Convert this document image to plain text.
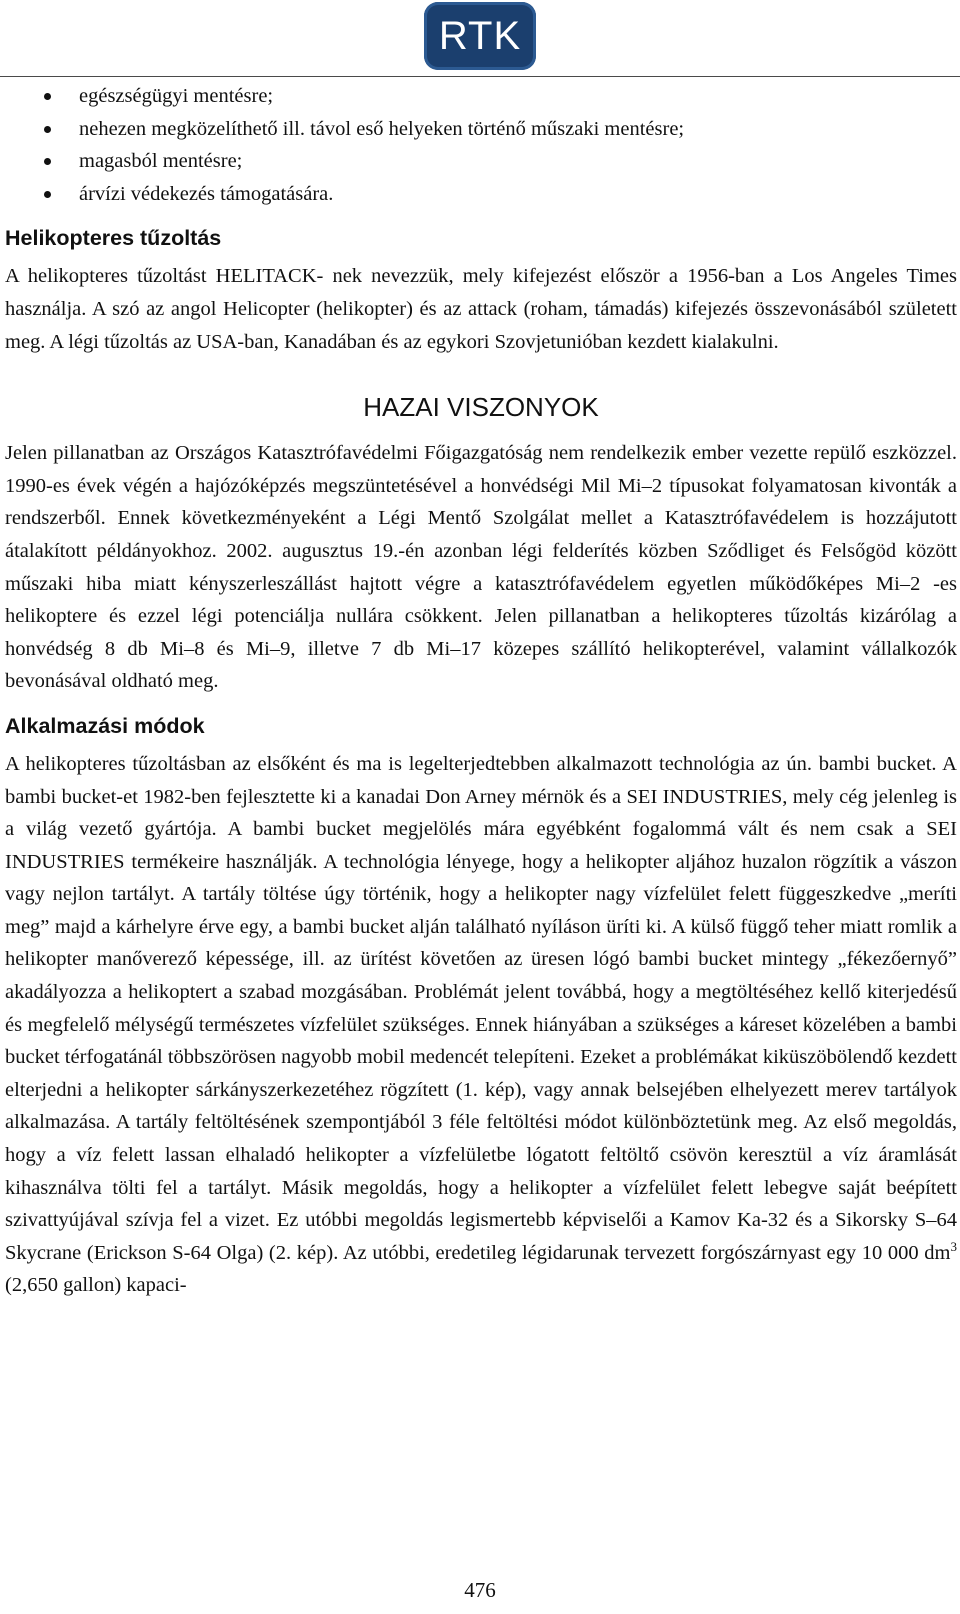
RTK
egészségügyi mentésre;
nehezen megközelíthető ill. távol eső helyeken történő műszaki mentésre;
magasból mentésre;
árvízi védekezés támogatására.
Helikopteres tűzoltás

A helikopteres tűzoltást HELITACK- nek nevezzük, mely kifejezést először a 1956-ban a Los Angeles Times használja. A szó az angol Helicopter (helikopter) és az attack (roham, támadás) kifejezés összevonásából született meg. A légi tűzoltás az USA-ban, Kanadában és az egykori Szovjetunióban kezdett kialakulni.

HAZAI VISZONYOK

Jelen pillanatban az Országos Katasztrófavédelmi Főigazgatóság nem rendelkezik ember vezette repülő eszközzel. 1990-es évek végén a hajózóképzés megszüntetésével a honvédségi Mil Mi–2 típusokat folyamatosan kivonták a rendszerből. Ennek következményeként a Légi Mentő Szolgálat mellet a Katasztrófavédelem is hozzájutott átalakított példányokhoz. 2002. augusztus 19.-én azonban légi felderítés közben Sződliget és Felsőgöd között műszaki hiba miatt kényszerleszállást hajtott végre a katasztrófavédelem egyetlen működőképes Mi–2 -es helikoptere és ezzel légi potenciálja nullára csökkent. Jelen pillanatban a helikopteres tűzoltás kizárólag a honvédség 8 db Mi–8 és Mi–9, illetve 7 db Mi–17 közepes szállító helikopterével, valamint vállalkozók bevonásával oldható meg.

Alkalmazási módok

A helikopteres tűzoltásban az elsőként és ma is legelterjedtebben alkalmazott technológia az ún. bambi bucket. A bambi bucket-et 1982-ben fejlesztette ki a kanadai Don Arney mérnök és a SEI INDUSTRIES, mely cég jelenleg is a világ vezető gyártója. A bambi bucket megjelölés mára egyébként fogalommá vált és nem csak a SEI INDUSTRIES termékeire használják. A technológia lényege, hogy a helikopter aljához huzalon rögzítik a vászon vagy nejlon tartályt. A tartály töltése úgy történik, hogy a helikopter nagy vízfelület felett függeszkedve „meríti meg” majd a kárhelyre érve egy, a bambi bucket alján található nyíláson üríti ki. A külső függő teher miatt romlik a helikopter manőverező képessége, ill. az ürítést követően az üresen lógó bambi bucket mintegy „fékezőernyő” akadályozza a helikoptert a szabad mozgásában. Problémát jelent továbbá, hogy a megtöltéséhez kellő kiterjedésű és megfelelő mélységű természetes vízfelület szükséges. Ennek hiányában a szükséges a káreset közelében a bambi bucket térfogatánál többszörösen nagyobb mobil medencét telepíteni. Ezeket a problémákat kiküszöbölendő kezdett elterjedni a helikopter sárkányszerkezetéhez rögzített (1. kép), vagy annak belsejében elhelyezett merev tartályok alkalmazása. A tartály feltöltésének szempontjából 3 féle feltöltési módot különböztetünk meg. Az első megoldás, hogy a víz felett lassan elhaladó helikopter a vízfelületbe lógatott feltöltő csövön keresztül a víz áramlását kihasználva tölti fel a tartályt. Másik megoldás, hogy a helikopter a vízfelület felett lebegve saját beépített szivattyújával szívja fel a vizet. Ez utóbbi megoldás legismertebb képviselői a Kamov Ka-32 és a Sikorsky S–64 Skycrane (Erickson S-64 Olga) (2. kép). Az utóbbi, eredetileg légidarunak tervezett forgószárnyast egy 10 000 $dm^3$ (2,650 gallon) kapaci-

476
